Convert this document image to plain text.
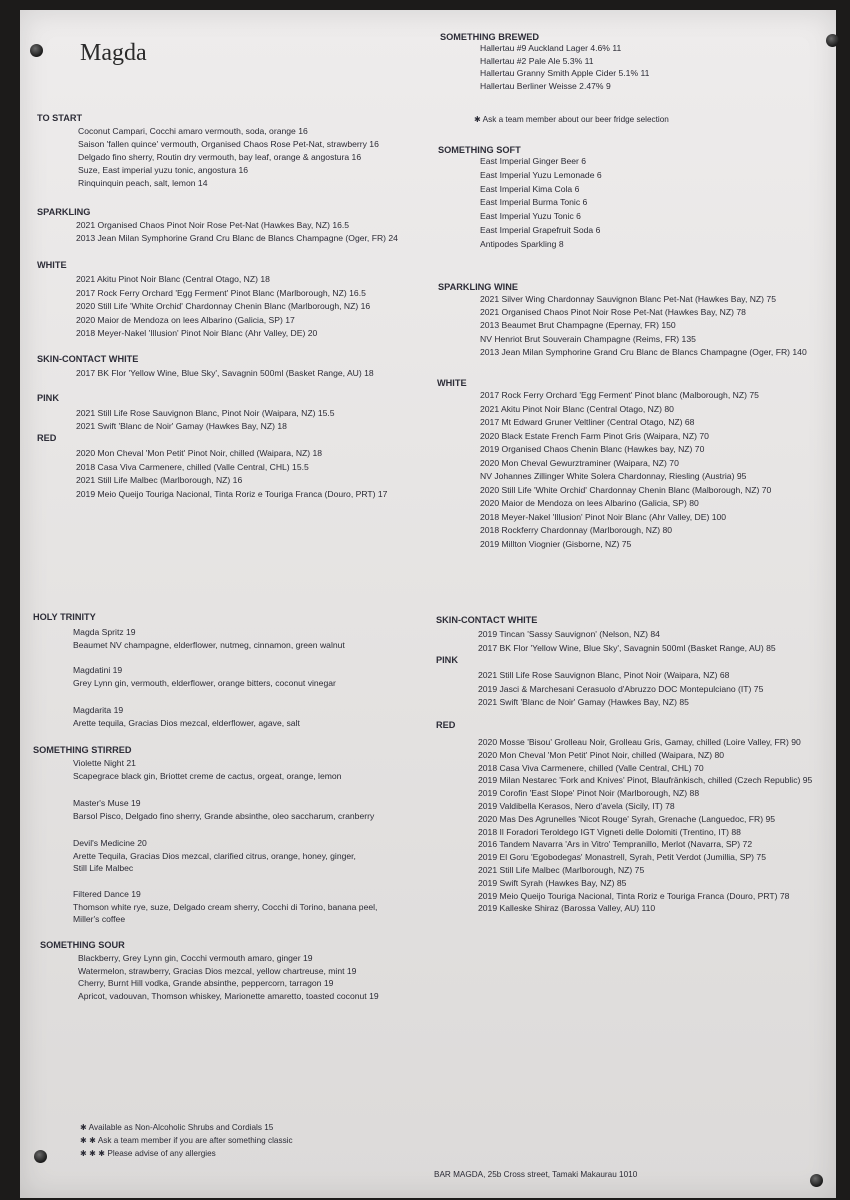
Magda
TO START
Coconut Campari, Cocchi amaro vermouth, soda, orange 16
Saison 'fallen quince' vermouth, Organised Chaos Rose Pet-Nat, strawberry 16
Delgado fino sherry, Routin dry vermouth, bay leaf, orange & angostura 16
Suze, East imperial yuzu tonic, angostura 16
Rinquinquin peach, salt, lemon 14
SPARKLING
2021 Organised Chaos Pinot Noir Rose Pet-Nat (Hawkes Bay, NZ) 16.5
2013 Jean Milan Symphorine Grand Cru Blanc de Blancs Champagne (Oger, FR) 24
WHITE
2021 Akitu Pinot Noir Blanc (Central Otago, NZ) 18
2017 Rock Ferry Orchard 'Egg Ferment' Pinot Blanc (Marlborough, NZ) 16.5
2020 Still Life 'White Orchid' Chardonnay Chenin Blanc (Marlborough, NZ) 16
2020 Maior de Mendoza on lees Albarino (Galicia, SP) 17
2018 Meyer-Nakel 'Illusion' Pinot Noir Blanc (Ahr Valley, DE) 20
SKIN-CONTACT WHITE
2017 BK Flor 'Yellow Wine, Blue Sky', Savagnin 500ml (Basket Range, AU) 18
PINK
2021 Still Life Rose Sauvignon Blanc, Pinot Noir (Waipara, NZ) 15.5
2021 Swift 'Blanc de Noir' Gamay (Hawkes Bay, NZ) 18
RED
2020 Mon Cheval 'Mon Petit' Pinot Noir, chilled (Waipara, NZ) 18
2018 Casa Viva Carmenere, chilled (Valle Central, CHL) 15.5
2021 Still Life Malbec (Marlborough, NZ) 16
2019 Meio Queijo Touriga Nacional, Tinta Roriz e Touriga Franca (Douro, PRT) 17
SOMETHING BREWED
Hallertau #9 Auckland Lager 4.6% 11
Hallertau #2 Pale Ale 5.3% 11
Hallertau Granny Smith Apple Cider 5.1% 11
Hallertau Berliner Weisse 2.47% 9
✱ Ask a team member about our beer fridge selection
SOMETHING SOFT
East Imperial Ginger Beer 6
East Imperial Yuzu Lemonade 6
East Imperial Kima Cola 6
East Imperial Burma Tonic 6
East Imperial Yuzu Tonic 6
East Imperial Grapefruit Soda 6
Antipodes Sparkling 8
SPARKLING WINE
2021 Silver Wing Chardonnay Sauvignon Blanc Pet-Nat (Hawkes Bay, NZ) 75
2021 Organised Chaos Pinot Noir Rose Pet-Nat (Hawkes Bay, NZ) 78
2013 Beaumet Brut Champagne (Epernay, FR) 150
NV Henriot Brut Souverain Champagne (Reims, FR) 135
2013 Jean Milan Symphorine Grand Cru Blanc de Blancs Champagne (Oger, FR) 140
WHITE
2017 Rock Ferry Orchard 'Egg Ferment' Pinot blanc (Malborough, NZ) 75
2021 Akitu Pinot Noir Blanc (Central Otago, NZ) 80
2017 Mt Edward Gruner Veltliner (Central Otago, NZ) 68
2020 Black Estate French Farm Pinot Gris (Waipara, NZ) 70
2019 Organised Chaos Chenin Blanc (Hawkes bay, NZ) 70
2020 Mon Cheval Gewurztraminer (Waipara, NZ) 70
NV Johannes Zillinger White Solera Chardonnay, Riesling (Austria) 95
2020 Still Life 'White Orchid' Chardonnay Chenin Blanc (Malborough, NZ) 70
2020 Maior de Mendoza on lees Albarino (Galicia, SP) 80
2018 Meyer-Nakel 'Illusion' Pinot Noir Blanc (Ahr Valley, DE) 100
2018 Rockferry Chardonnay (Marlborough, NZ) 80
2019 Millton Viognier (Gisborne, NZ) 75
HOLY TRINITY
Magda Spritz 19
Beaumet NV champagne, elderflower, nutmeg, cinnamon, green walnut
Magdatini 19
Grey Lynn gin, vermouth, elderflower, orange bitters, coconut vinegar
Magdarita 19
Arette tequila, Gracias Dios mezcal, elderflower, agave, salt
SOMETHING STIRRED
Violette Night 21
Scapegrace black gin, Briottet creme de cactus, orgeat, orange, lemon
Master's Muse 19
Barsol Pisco, Delgado fino sherry, Grande absinthe, oleo saccharum, cranberry
Devil's Medicine 20
Arette Tequila, Gracias Dios mezcal, clarified citrus, orange, honey, ginger,
Still Life Malbec
Filtered Dance 19
Thomson white rye, suze, Delgado cream sherry, Cocchi di Torino, banana peel,
Miller's coffee
SOMETHING SOUR
Blackberry, Grey Lynn gin, Cocchi vermouth amaro, ginger 19
Watermelon, strawberry, Gracias Dios mezcal, yellow chartreuse, mint 19
Cherry, Burnt Hill vodka, Grande absinthe, peppercorn, tarragon 19
Apricot, vadouvan, Thomson whiskey, Marionette amaretto, toasted coconut 19
✱ Available as Non-Alcoholic Shrubs and Cordials 15
✱ ✱ Ask a team member if you are after something classic
✱ ✱ ✱ Please advise of any allergies
SKIN-CONTACT WHITE
2019 Tincan 'Sassy Sauvignon' (Nelson, NZ) 84
2017 BK Flor 'Yellow Wine, Blue Sky', Savagnin 500ml (Basket Range, AU) 85
PINK
2021 Still Life Rose Sauvignon Blanc, Pinot Noir (Waipara, NZ) 68
2019 Jasci & Marchesani Cerasuolo d'Abruzzo DOC Montepulciano (IT) 75
2021 Swift 'Blanc de Noir' Gamay (Hawkes Bay, NZ) 85
RED
2020 Mosse 'Bisou' Grolleau Noir, Grolleau Gris, Gamay, chilled (Loire Valley, FR) 90
2020 Mon Cheval 'Mon Petit' Pinot Noir, chilled (Waipara, NZ) 80
2018 Casa Viva Carmenere, chilled (Valle Central, CHL) 70
2019 Milan Nestarec 'Fork and Knives' Pinot, Blaufränkisch, chilled (Czech Republic) 95
2019 Corofin 'East Slope' Pinot Noir (Marlborough, NZ) 88
2019 Valdibella Kerasos, Nero d'avela (Sicily, IT) 78
2020 Mas Des Agrunelles 'Nicot Rouge' Syrah, Grenache (Languedoc, FR) 95
2018 Il Foradori Teroldego IGT Vigneti delle Dolomiti (Trentino, IT) 88
2016 Tandem Navarra 'Ars in Vitro' Tempranillo, Merlot (Navarra, SP) 72
2019 El Goru 'Egobodegas' Monastrell, Syrah, Petit Verdot (Jumillia, SP) 75
2021 Still Life Malbec (Marlborough, NZ) 75
2019 Swift Syrah (Hawkes Bay, NZ) 85
2019 Meio Queijo Touriga Nacional, Tinta Roriz e Touriga Franca (Douro, PRT) 78
2019 Kalleske Shiraz (Barossa Valley, AU) 110
BAR MAGDA, 25b Cross street, Tamaki Makaurau 1010
